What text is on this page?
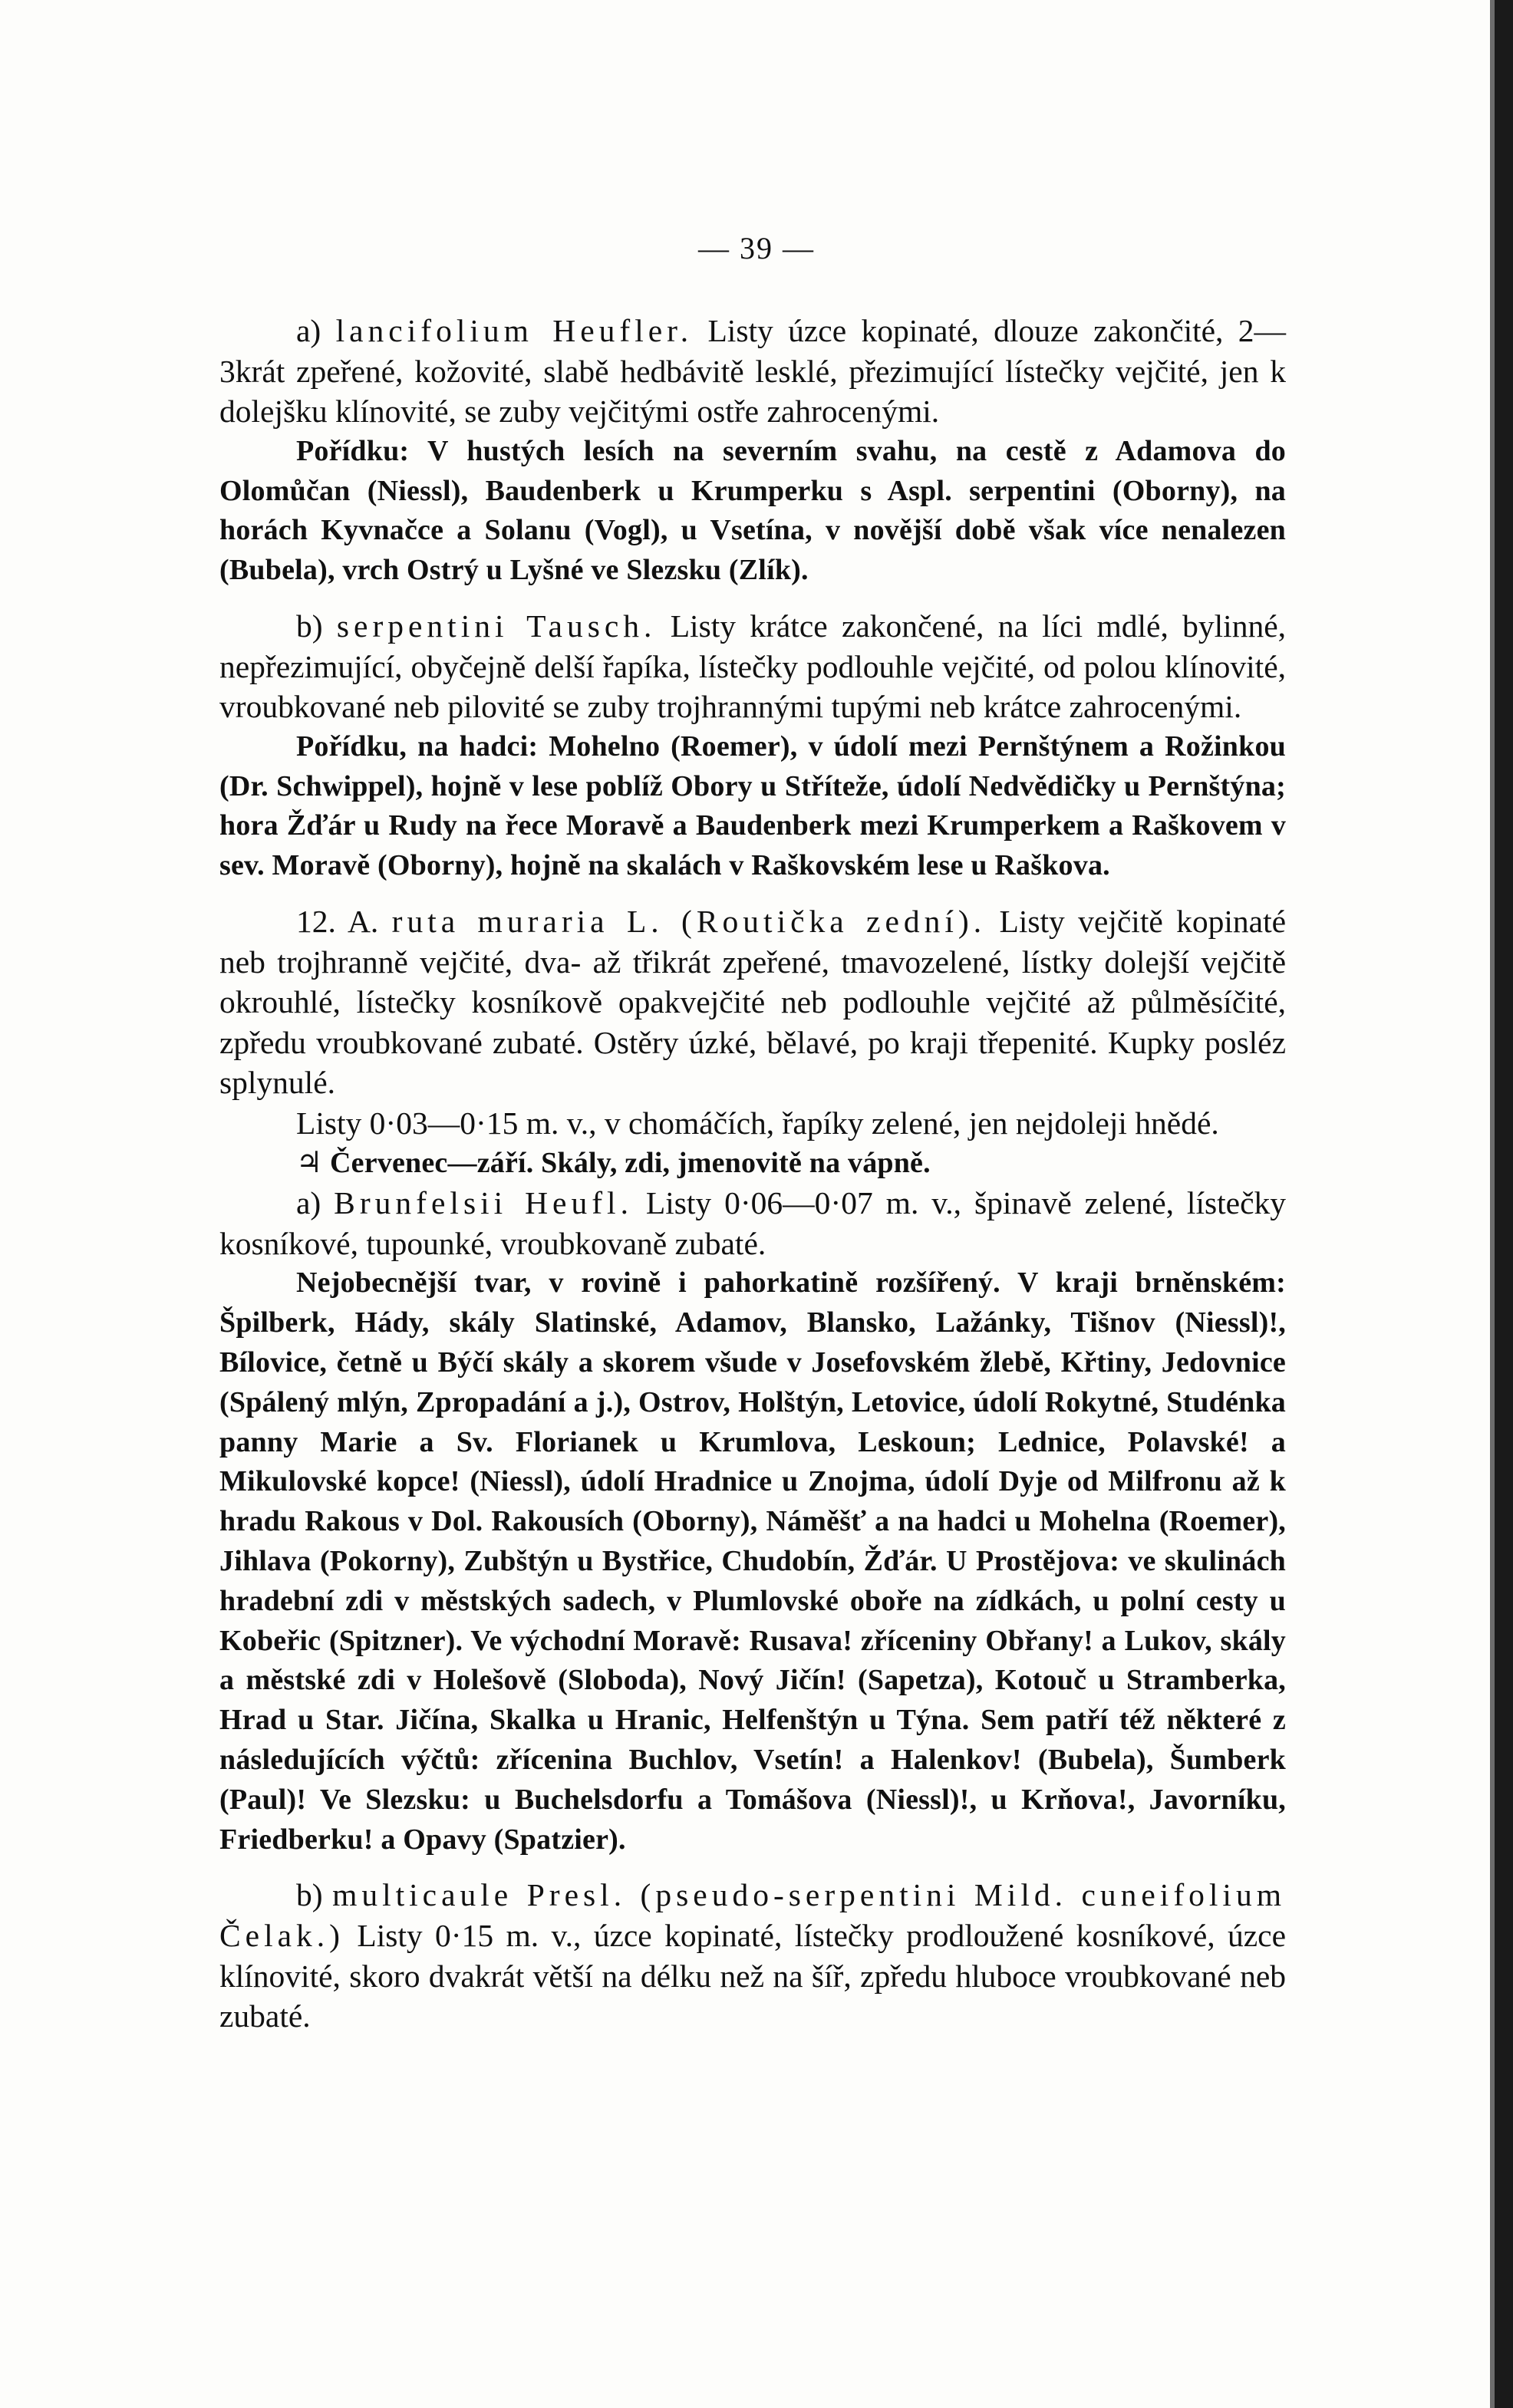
— 39 —

a) lancifolium Heufler. Listy úzce kopinaté, dlouze zakončité, 2—3krát zpeřené, kožovité, slabě hedbávitě lesklé, přezimující lístečky vejčité, jen k dolejšku klínovité, se zuby vejčitými ostře zahrocenými.

Pořídku: V hustých lesích na severním svahu, na cestě z Adamova do Olomůčan (Niessl), Baudenberk u Krumperku s Aspl. serpentini (Oborny), na horách Kyvnačce a Solanu (Vogl), u Vsetína, v novější době však více nenalezen (Bubela), vrch Ostrý u Lyšné ve Slezsku (Zlík).

b) serpentini Tausch. Listy krátce zakončené, na líci mdlé, bylinné, nepřezimující, obyčejně delší řapíka, lístečky podlouhle vejčité, od polou klínovité, vroubkované neb pilovité se zuby trojhrannými tupými neb krátce zahrocenými.

Pořídku, na hadci: Mohelno (Roemer), v údolí mezi Pernštýnem a Rožinkou (Dr. Schwippel), hojně v lese poblíž Obory u Stříteže, údolí Nedvědičky u Pernštýna; hora Žďár u Rudy na řece Moravě a Baudenberk mezi Krumperkem a Raškovem v sev. Moravě (Oborny), hojně na skalách v Raškovském lese u Raškova.

12. A. ruta muraria L. (Routička zední). Listy vejčitě kopinaté neb trojhranně vejčité, dva- až třikrát zpeřené, tmavozelené, lístky dolejší vejčitě okrouhlé, lístečky kosníkově opakvejčité neb podlouhle vejčité až půlměsíčité, zpředu vroubkované zubaté. Ostěry úzké, bělavé, po kraji třepenité. Kupky posléz splynulé.

Listy 0·03—0·15 m. v., v chomáčích, řapíky zelené, jen nejdoleji hnědé.

♃ Červenec—září. Skály, zdi, jmenovitě na vápně.

a) Brunfelsii Heufl. Listy 0·06—0·07 m. v., špinavě zelené, lístečky kosníkové, tupounké, vroubkovaně zubaté.

Nejobecnější tvar, v rovině i pahorkatině rozšířený. V kraji brněnském: Špilberk, Hády, skály Slatinské, Adamov, Blansko, Lažánky, Tišnov (Niessl)!, Bílovice, četně u Býčí skály a skorem všude v Josefovském žlebě, Křtiny, Jedovnice (Spálený mlýn, Zpropadání a j.), Ostrov, Holštýn, Letovice, údolí Rokytné, Studénka panny Marie a Sv. Florianek u Krumlova, Leskoun; Lednice, Polavské! a Mikulovské kopce! (Niessl), údolí Hradnice u Znojma, údolí Dyje od Milfronu až k hradu Rakous v Dol. Rakousích (Oborny), Náměšť a na hadci u Mohelna (Roemer), Jihlava (Pokorny), Zubštýn u Bystřice, Chudobín, Žďár. U Prostějova: ve skulinách hradební zdi v městských sadech, v Plumlovské oboře na zídkách, u polní cesty u Kobeřic (Spitzner). Ve východní Moravě: Rusava! zříceniny Obřany! a Lukov, skály a městské zdi v Holešově (Sloboda), Nový Jičín! (Sapetza), Kotouč u Stramberka, Hrad u Star. Jičína, Skalka u Hranic, Helfenštýn u Týna. Sem patří též některé z následujících výčtů: zřícenina Buchlov, Vsetín! a Halenkov! (Bubela), Šumberk (Paul)! Ve Slezsku: u Buchelsdorfu a Tomášova (Niessl)!, u Krňova!, Javorníku, Friedberku! a Opavy (Spatzier).

b) multicaule Presl. (pseudo-serpentini Mild. cuneifolium Čelak.) Listy 0·15 m. v., úzce kopinaté, lístečky prodloužené kosníkové, úzce klínovité, skoro dvakrát větší na délku než na šíř, zpředu hluboce vroubkované neb zubaté.
